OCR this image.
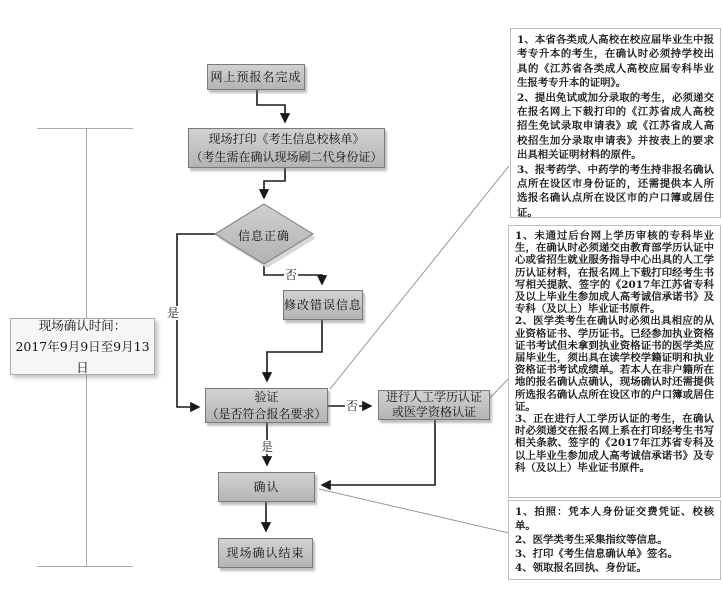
网上预报名完成
现场打印《考生信息校核单》
（考生需在确认现场刷二代身份证）
信息正确
修改错误信息
验证
（是否符合报名要求）
进行人工学历认证
或医学资格认证
确认
现场确认结束
否
是
否
是
现场确认时间：
2017年9月9日至9月13日
1、本省各类成人高校在校应届毕业生中报考专升本的考生，在确认时必须持学校出具的《江苏省各类成人高校应届专科毕业生报考专升本的证明》。
2、提出免试或加分录取的考生，必须递交在报名网上下载打印的《江苏省成人高校招生免试录取申请表》或《江苏省成人高校招生加分录取申请表》并按表上的要求出具相关证明材料的原件。
3、报考药学、中药学的考生持非报名确认点所在设区市身份证的，还需提供本人所选报名确认点所在设区市的户口簿或居住证。
1、未通过后台网上学历审核的专科毕业生，在确认时必须递交由教育部学历认证中心或省招生就业服务指导中心出具的人工学历认证材料，在报名网上下载打印经考生书写相关提款、签字的《2017年江苏省专科及以上毕业生参加成人高考诚信承诺书》及专科（及以上）毕业证书原件。
2、医学类考生在确认时必须出具相应的从业资格证书、学历证书。已经参加执业资格证书考试但未拿到执业资格证书的医学类应届毕业生，须出具在读学校学籍证明和执业资格证书考试成绩单。若本人在非户籍所在地的报名确认点确认，现场确认时还需提供所选报名确认点所在设区市的户口簿或居住证。
3、正在进行人工学历认证的考生，在确认时必须递交在报名网上系在打印经考生书写相关条款、签字的《2017年江苏省专科及以上毕业生参加成人高考诚信承诺书》及专科（及以上）毕业证书原件。
1、拍照：凭本人身份证交费凭证、校核单。
2、医学类考生采集指纹等信息。
3、打印《考生信息确认单》签名。
4、领取报名回执、身份证。
